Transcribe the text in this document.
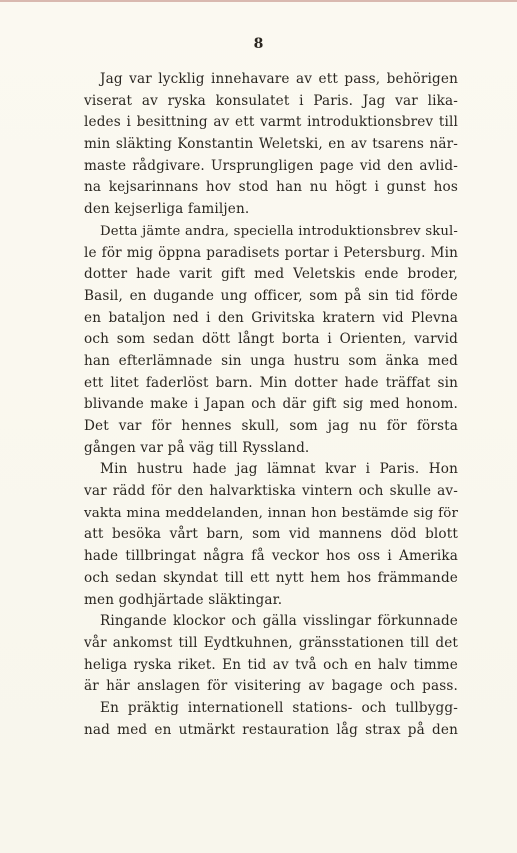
8
Jag var lycklig innehavare av ett pass, behörigen
viserat av ryska konsulatet i Paris. Jag var lika-
ledes i besittning av ett varmt introduktionsbrev till
min släkting Konstantin Weletski, en av tsarens när-
maste rådgivare. Ursprungligen page vid den avlid-
na kejsarinnans hov stod han nu högt i gunst hos
den kejserliga familjen.
Detta jämte andra, speciella introduktionsbrev skul-
le för mig öppna paradisets portar i Petersburg. Min
dotter hade varit gift med Veletskis ende broder,
Basil, en dugande ung officer, som på sin tid förde
en bataljon ned i den Grivitska kratern vid Plevna
och som sedan dött långt borta i Orienten, varvid
han efterlämnade sin unga hustru som änka med
ett litet faderlöst barn. Min dotter hade träffat sin
blivande make i Japan och där gift sig med honom.
Det var för hennes skull, som jag nu för första
gången var på väg till Ryssland.
Min hustru hade jag lämnat kvar i Paris. Hon
var rädd för den halvarktiska vintern och skulle av-
vakta mina meddelanden, innan hon bestämde sig för
att besöka vårt barn, som vid mannens död blott
hade tillbringat några få veckor hos oss i Amerika
och sedan skyndat till ett nytt hem hos främmande
men godhjärtade släktingar.
Ringande klockor och gälla visslingar förkunnade
vår ankomst till Eydtkuhnen, gränsstationen till det
heliga ryska riket. En tid av två och en halv timme
är här anslagen för visitering av bagage och pass.
En präktig internationell stations- och tullbygg-
nad med en utmärkt restauration låg strax på den
